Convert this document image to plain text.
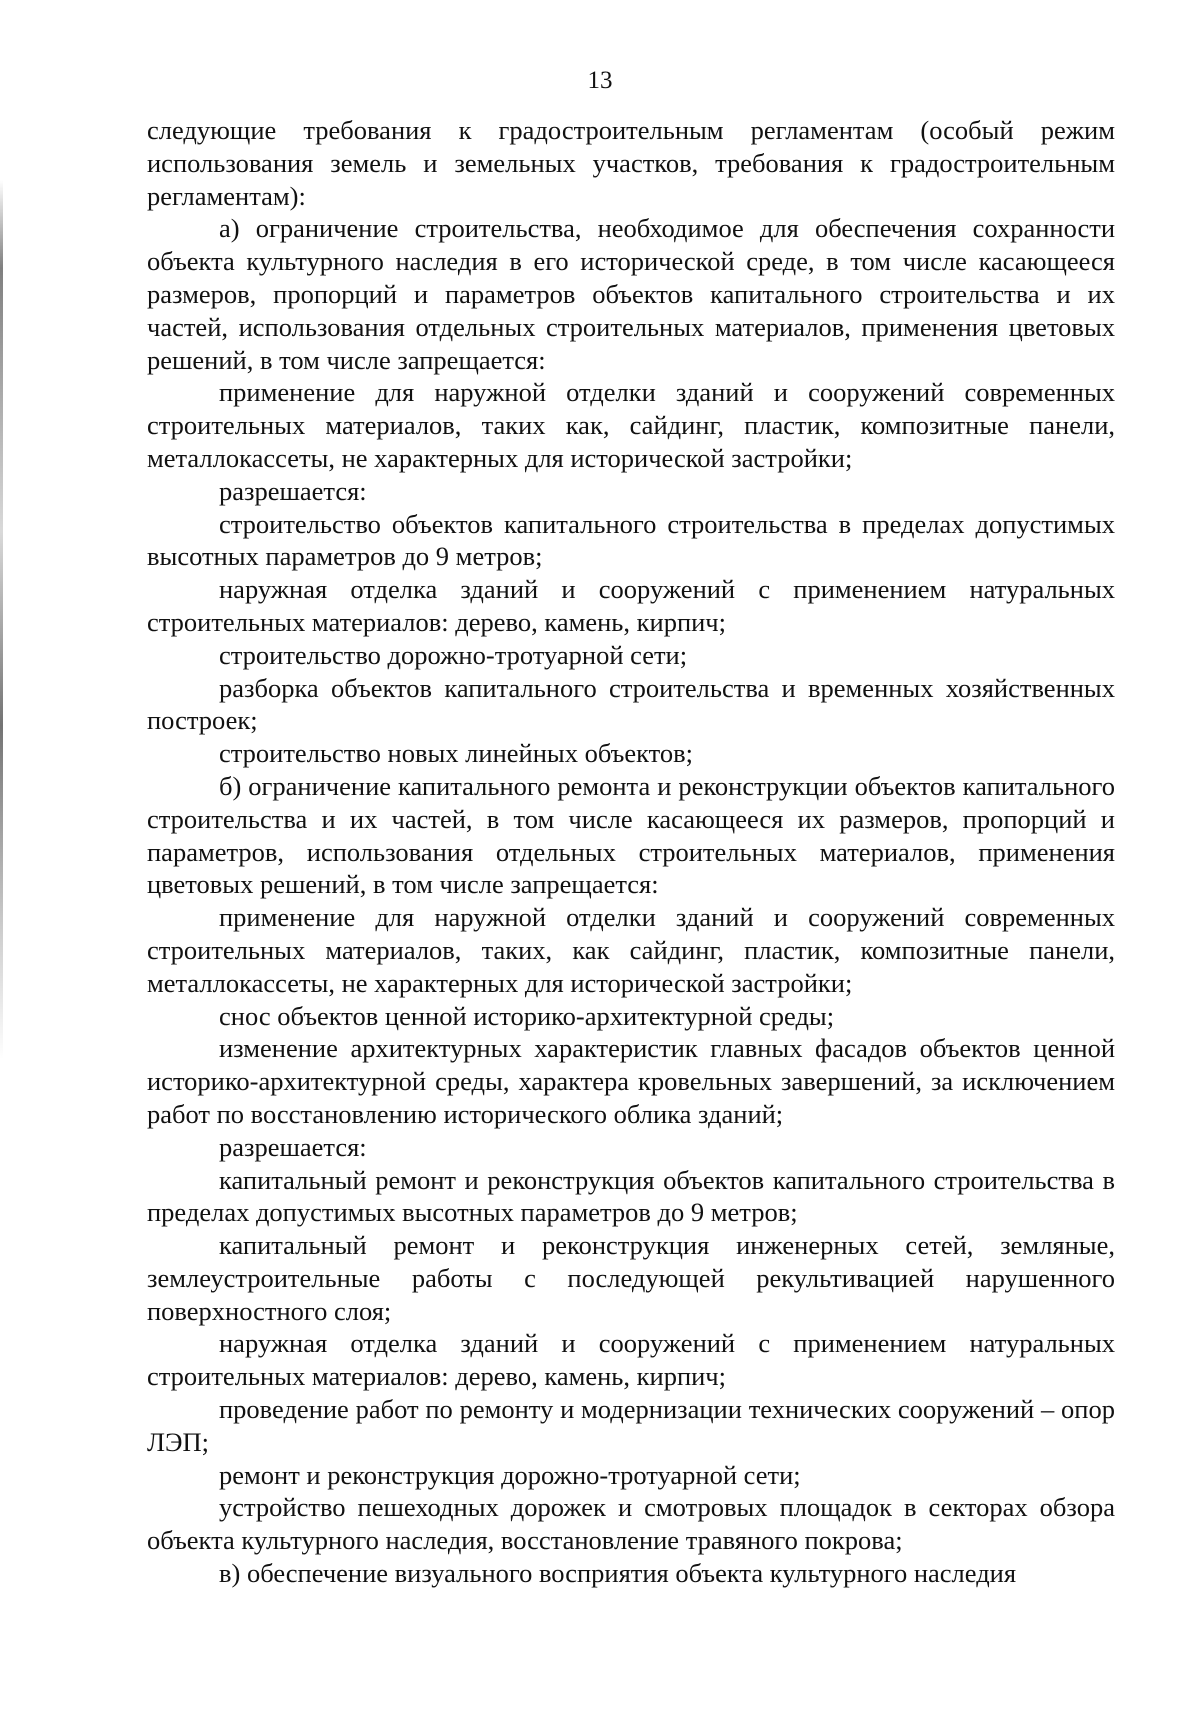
13

следующие требования к градостроительным регламентам (особый режим использования земель и земельных участков, требования к градостроительным регламентам):

а) ограничение строительства, необходимое для обеспечения сохранности объекта культурного наследия в его исторической среде, в том числе касающееся размеров, пропорций и параметров объектов капитального строительства и их частей, использования отдельных строительных материалов, применения цветовых решений, в том числе запрещается:

применение для наружной отделки зданий и сооружений современных строительных материалов, таких как, сайдинг, пластик, композитные панели, металлокассеты, не характерных для исторической застройки;

разрешается:

строительство объектов капитального строительства в пределах допустимых высотных параметров до 9 метров;

наружная отделка зданий и сооружений с применением натуральных строительных материалов: дерево, камень, кирпич;

строительство дорожно-тротуарной сети;

разборка объектов капитального строительства и временных хозяйственных построек;

строительство новых линейных объектов;

б) ограничение капитального ремонта и реконструкции объектов капитального строительства и их частей, в том числе касающееся их размеров, пропорций и параметров, использования отдельных строительных материалов, применения цветовых решений, в том числе запрещается:

применение для наружной отделки зданий и сооружений современных строительных материалов, таких, как сайдинг, пластик, композитные панели, металлокассеты, не характерных для исторической застройки;

снос объектов ценной историко-архитектурной среды;

изменение архитектурных характеристик главных фасадов объектов ценной историко-архитектурной среды, характера кровельных завершений, за исключением работ по восстановлению исторического облика зданий;

разрешается:

капитальный ремонт и реконструкция объектов капитального строительства в пределах допустимых высотных параметров до 9 метров;

капитальный ремонт и реконструкция инженерных сетей, земляные, землеустроительные работы с последующей рекультивацией нарушенного поверхностного слоя;

наружная отделка зданий и сооружений с применением натуральных строительных материалов: дерево, камень, кирпич;

проведение работ по ремонту и модернизации технических сооружений – опор ЛЭП;

ремонт и реконструкция дорожно-тротуарной сети;

устройство пешеходных дорожек и смотровых площадок в секторах обзора объекта культурного наследия, восстановление травяного покрова;

в) обеспечение визуального восприятия объекта культурного наследия
